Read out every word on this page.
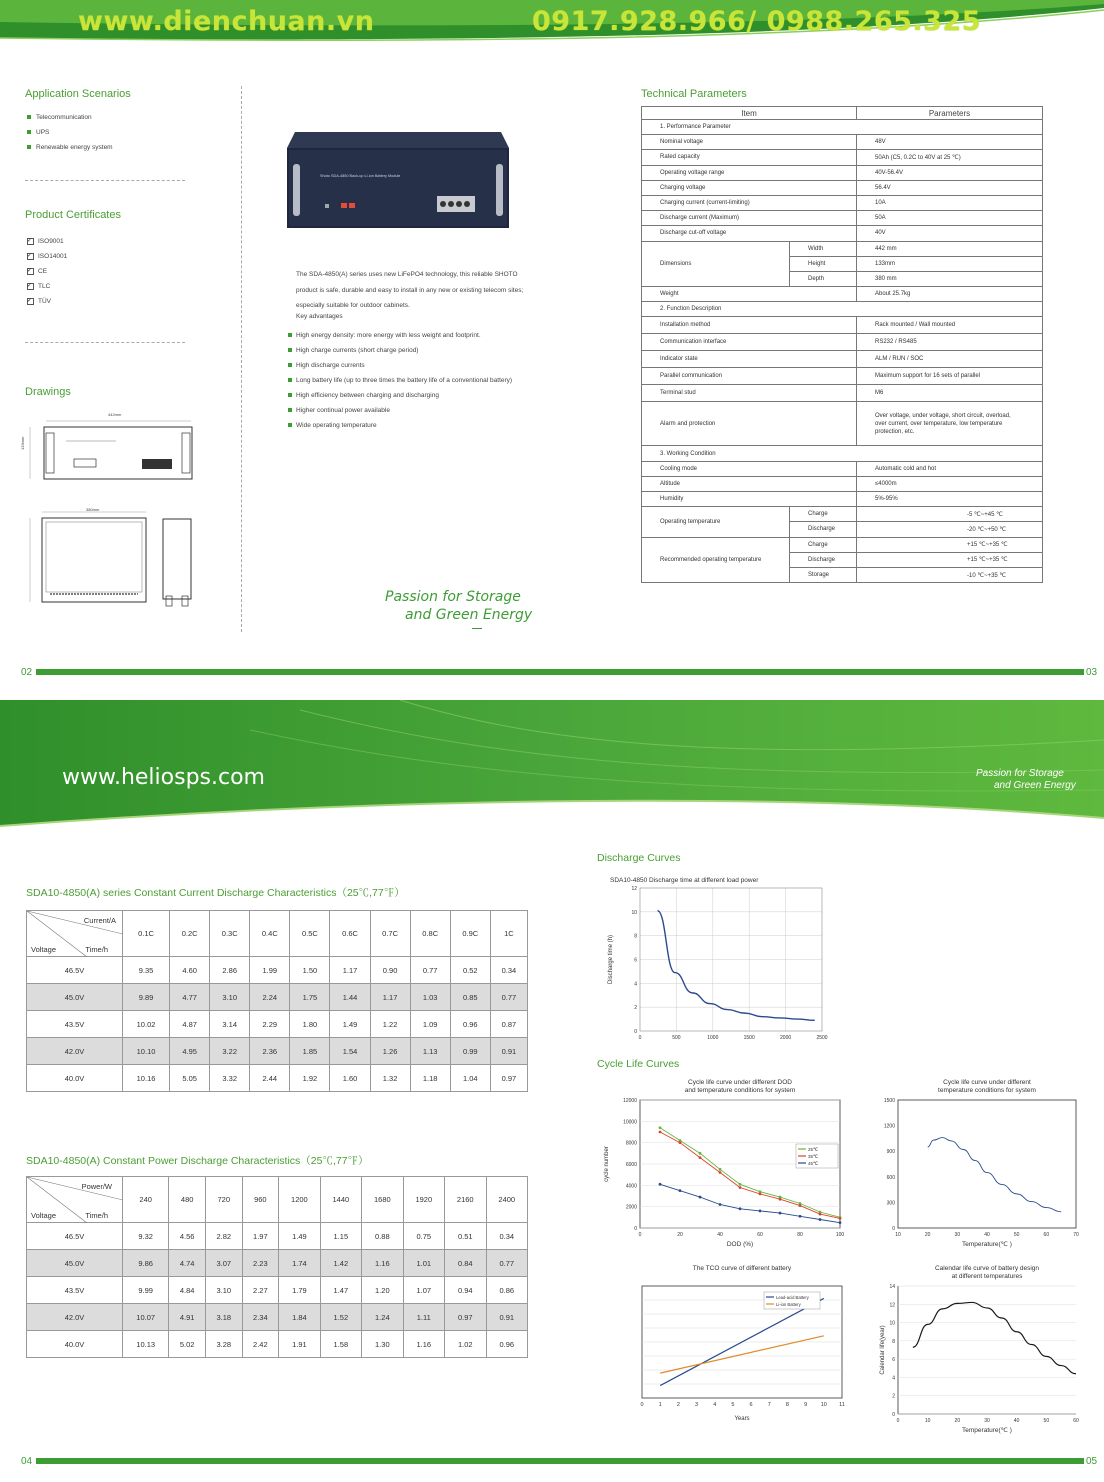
www.dienchuan.vn	0917.928.966/ 0988.265.325
Application Scenarios
Telecommunication
UPS
Renewable energy system
Product Certificates
ISO9001 ✓
ISO14001 ✓
CE ✓
TLC ✓
TÜV ✓
Drawings
442mm
133mm
380mm
Shoto SDA-4850 Back-up Li-ion Battery Module
The SDA-4850(A) series uses new LiFePO4 technology, this reliable SHOTO product is safe, durable and easy to install in any new or existing telecom sites; especially suitable for outdoor cabinets.
Key advantages
High energy density: more energy with less weight and footprint.
High charge currents (short charge period)
High discharge currents
Long battery life (up to three times the battery life of a conventional battery)
High efficiency between charging and discharging
Higher continual power available
Wide operating temperature
Passion for Storage
and Green Energy
Technical Parameters
Item		Parameters
1. Performance Parameter		
Nominal voltage		48V
Rated capacity		50Ah (C5, 0.2C to 40V at 25 ℃)
Operating voltage range		40V-56.4V
Charging voltage		56.4V
Charging current (current-limiting)		10A
Discharge current (Maximum)		50A
Discharge cut-off voltage		40V
Dimensions	Width	442 mm
	Height	133mm
	Depth	380 mm
Weight		About 25.7kg
2. Function Description		
Installation method		Rack mounted / Wall mounted
Communication interface		RS232 / RS485
Indicator state		ALM / RUN / SOC
Parallel communication		Maximum support for 16 sets of parallel
Terminal stud		M6
Alarm and protection		Over voltage, under voltage, short circuit, overload, over current, over temperature, low temperature protection, etc.
3. Working Condition		
Cooling mode		Automatic cold and hot
Altitude		≤4000m
Humidity		5%-95%
Operating temperature	Charge	-5 ℃~+45 ℃
	Discharge	-20 ℃~+50 ℃
Recommended operating temperature	Charge	+15 ℃~+35 ℃
	Discharge	+15 ℃~+35 ℃
	Storage	-10 ℃~+35 ℃
02	03
www.heliosps.com	Passion for Storage
and Green Energy
SDA10-4850(A) series Constant Current Discharge Characteristics（25℃,77℉）
Current/A
Time/h
Voltage	0.1C	0.2C	0.3C	0.4C	0.5C	0.6C	0.7C	0.8C	0.9C	1C
46.5V	9.35	4.60	2.86	1.99	1.50	1.17	0.90	0.77	0.52	0.34
45.0V	9.89	4.77	3.10	2.24	1.75	1.44	1.17	1.03	0.85	0.77
43.5V	10.02	4.87	3.14	2.29	1.80	1.49	1.22	1.09	0.96	0.87
42.0V	10.10	4.95	3.22	2.36	1.85	1.54	1.26	1.13	0.99	0.91
40.0V	10.16	5.05	3.32	2.44	1.92	1.60	1.32	1.18	1.04	0.97
SDA10-4850(A) Constant Power Discharge Characteristics（25℃,77℉）
Power/W
Time/h
Voltage	240	480	720	960	1200	1440	1680	1920	2160	2400
46.5V	9.32	4.56	2.82	1.97	1.49	1.15	0.88	0.75	0.51	0.34
45.0V	9.86	4.74	3.07	2.23	1.74	1.42	1.16	1.01	0.84	0.77
43.5V	9.99	4.84	3.10	2.27	1.79	1.47	1.20	1.07	0.94	0.86
42.0V	10.07	4.91	3.18	2.34	1.84	1.52	1.24	1.11	0.97	0.91
40.0V	10.13	5.02	3.28	2.42	1.91	1.58	1.30	1.16	1.02	0.96
Discharge Curves
SDA10-4850 Discharge time at different load power
0	500	1000	1500	2000	2500
0
2
4
6
8
10
12
Discharge time (h)
Cycle Life Curves
Cycle life curve under different DOD
and temperature conditions for system
0	20	40	60	80	100
0
2000
4000
6000
8000
10000
12000
DOD (%)
cycle number	25℃
35℃
45℃
Cycle life curve under different
temperature conditions for system
10	20	30	40	50	60	70
0
300
600
900
1200
1500
Temperature(℃ )
The TCO curve of different battery
0	1	2	3	4	5	6	7	8	9 10 11
Years
Lead-acid Battery
Li-ion Battery
Calendar life curve of battery design
at different temperatures
0	10	20	30	40	50	60
0
2
4
6
8
10
12
14
Temperature(℃ )
Calendar life(year)
04	05
